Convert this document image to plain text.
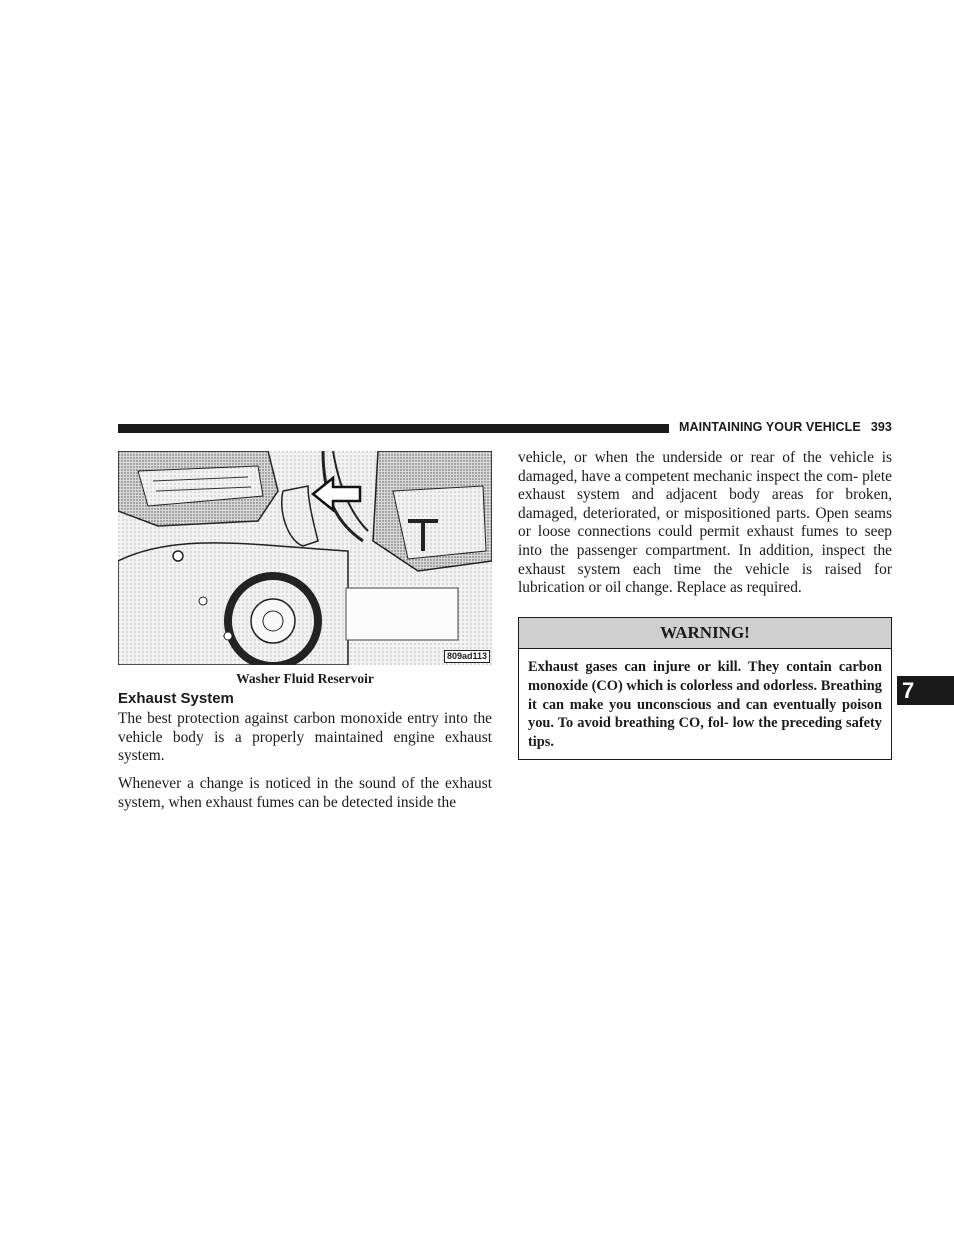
MAINTAINING YOUR VEHICLE 393
809ad113
Washer Fluid Reservoir
Exhaust System

The best protection against carbon monoxide entry into the vehicle body is a properly maintained engine exhaust system.

Whenever a change is noticed in the sound of the exhaust system, when exhaust fumes can be detected inside the

vehicle, or when the underside or rear of the vehicle is damaged, have a competent mechanic inspect the com- plete exhaust system and adjacent body areas for broken, damaged, deteriorated, or mispositioned parts. Open seams or loose connections could permit exhaust fumes to seep into the passenger compartment. In addition, inspect the exhaust system each time the vehicle is raised for lubrication or oil change. Replace as required.

WARNING!

Exhaust gases can injure or kill. They contain carbon monoxide (CO) which is colorless and odorless. Breathing it can make you unconscious and can eventually poison you. To avoid breathing CO, fol- low the preceding safety tips.

7
